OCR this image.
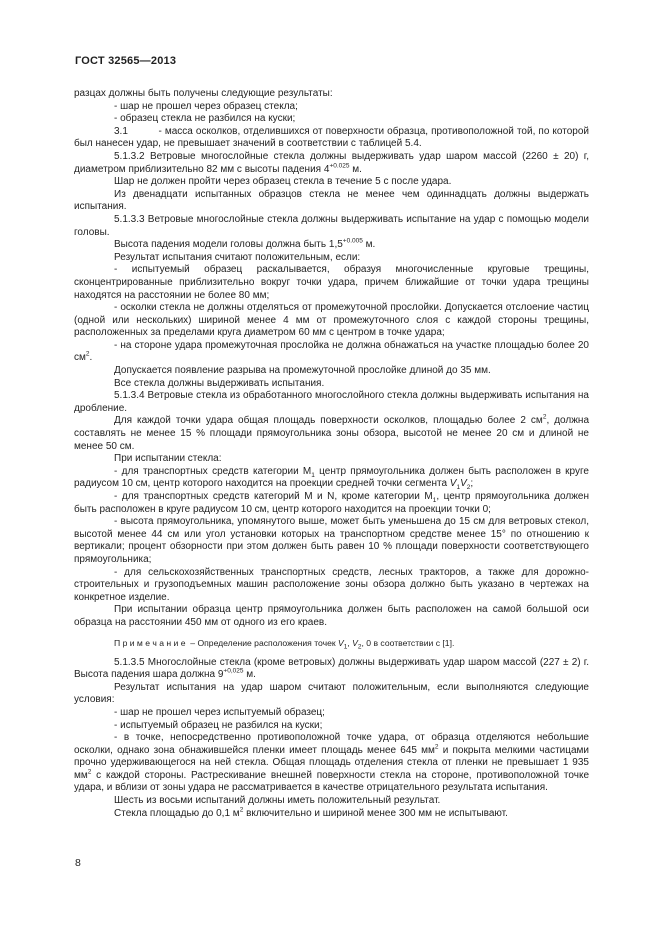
ГОСТ 32565—2013

разцах должны быть получены следующие результаты:

- шар не прошел через образец стекла;

- образец стекла не разбился на куски;

3.1          - масса осколков, отделившихся от поверхности образца, противоположной той, по которой был нанесен удар, не превышает значений в соответствии с таблицей 5.4.

5.1.3.2 Ветровые многослойные стекла должны выдерживать удар шаром массой (2260 ± 20) г, диаметром приблизительно 82 мм с высоты падения $4^{+0.025}$ м.

Шар не должен пройти через образец стекла в течение 5 с после удара.

Из двенадцати испытанных образцов стекла не менее чем одиннадцать должны выдержать испытания.

5.1.3.3 Ветровые многослойные стекла должны выдерживать испытание на удар с помощью модели головы.

Высота падения модели головы должна быть $1,5^{+0.005}$ м.

Результат испытания считают положительным, если:

- испытуемый образец раскалывается, образуя многочисленные круговые трещины, сконцентрированные приблизительно вокруг точки удара, причем ближайшие от точки удара трещины находятся на расстоянии не более 80 мм;

- осколки стекла не должны отделяться от промежуточной прослойки. Допускается отслоение частиц (одной или нескольких) шириной менее 4 мм от промежуточного слоя с каждой стороны трещины, расположенных за пределами круга диаметром 60 мм с центром в точке удара;

- на стороне удара промежуточная прослойка не должна обнажаться на участке площадью более 20 $см^2$.

Допускается появление разрыва на промежуточной прослойке длиной до 35 мм.

Все стекла должны выдерживать испытания.

5.1.3.4 Ветровые стекла из обработанного многослойного стекла должны выдерживать испытания на дробление.

Для каждой точки удара общая площадь поверхности осколков, площадью более 2 $см^2$, должна составлять не менее 15 % площади прямоугольника зоны обзора, высотой не менее 20 см и длиной не менее 50 см.

При испытании стекла:

- для транспортных средств категории $M_1$ центр прямоугольника должен быть расположен в круге радиусом 10 см, центр которого находится на проекции средней точки сегмента $V_1V_2$;

- для транспортных средств категорий M и N, кроме категории $M_1$, центр прямоугольника должен быть расположен в круге радиусом 10 см, центр которого находится на проекции точки 0;

- высота прямоугольника, упомянутого выше, может быть уменьшена до 15 см для ветровых стекол, высотой менее 44 см или угол установки которых на транспортном средстве менее 15° по отношению к вертикали; процент обзорности при этом должен быть равен 10 % площади поверхности соответствующего прямоугольника;

- для сельскохозяйственных транспортных средств, лесных тракторов, а также для дорожно-строительных и грузоподъемных машин расположение зоны обзора должно быть указано в чертежах на конкретное изделие.

При испытании образца центр прямоугольника должен быть расположен на самой большой оси образца на расстоянии 450 мм от одного из его краев.

П р и м е ч а н и е  – Определение расположения точек $V_1$, $V_2$, 0 в соответствии с [1].

5.1.3.5 Многослойные стекла (кроме ветровых) должны выдерживать удар шаром массой (227 ± 2) г. Высота падения шара должна $9^{+0,025}$ м.

Результат испытания на удар шаром считают положительным, если выполняются следующие условия:

- шар не прошел через испытуемый образец;

- испытуемый образец не разбился на куски;

- в точке, непосредственно противоположной точке удара, от образца отделяются небольшие осколки, однако зона обнажившейся пленки имеет площадь менее 645 $мм^2$ и покрыта мелкими частицами прочно удерживающегося на ней стекла. Общая площадь отделения стекла от пленки не превышает 1 935 $мм^2$ с каждой стороны. Растрескивание внешней поверхности стекла на стороне, противоположной точке удара, и вблизи от зоны удара не рассматривается в качестве отрицательного результата испытания.

Шесть из восьми испытаний должны иметь положительный результат.

Стекла площадью до 0,1 $м^2$ включительно и шириной менее 300 мм не испытывают.

8
